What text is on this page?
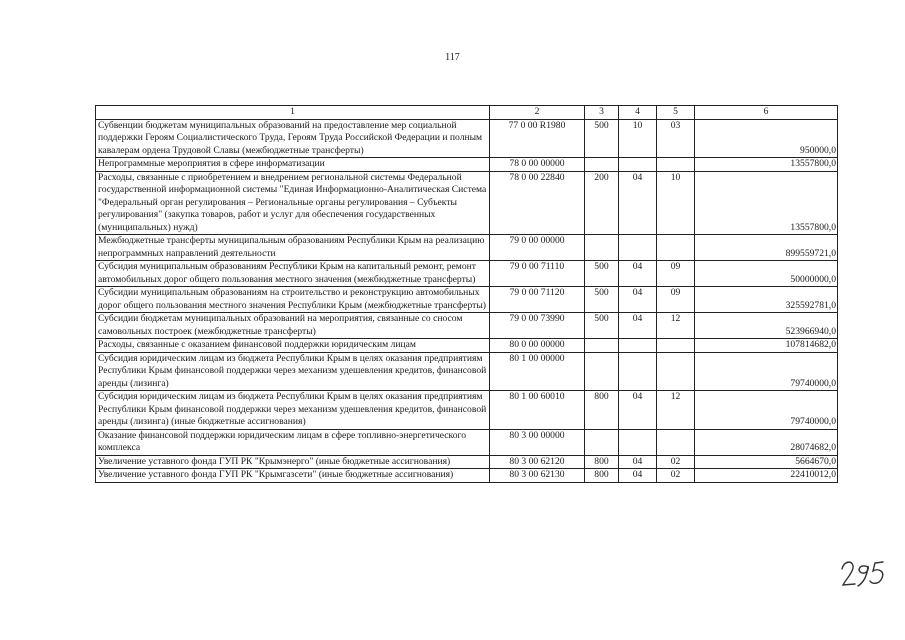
117
1	2	3	4	5	6
Субвенции бюджетам муниципальных образований на предоставление мер социальной поддержки Героям Социалистического Труда, Героям Труда Российской Федерации и полным кавалерам ордена Трудовой Славы (межбюджетные трансферты)	77 0 00 R1980	500	10	03	950000,0
Непрограммные мероприятия в сфере информатизации	78 0 00 00000				13557800,0
Расходы, связанные с приобретением и внедрением региональной системы Федеральной государственной информационной системы "Единая Информационно-Аналитическая Система "Федеральный орган регулирования – Региональные органы регулирования – Субъекты регулирования" (закупка товаров, работ и услуг для обеспечения государственных (муниципальных) нужд)	78 0 00 22840	200	04	10	13557800,0
Межбюджетные трансферты муниципальным образованиям Республики Крым на реализацию непрограммных направлений деятельности	79 0 00 00000				899559721,0
Субсидия муниципальным образованиям Республики Крым на капитальный ремонт, ремонт автомобильных дорог общего пользования местного значения (межбюджетные трансферты)	79 0 00 71110	500	04	09	50000000,0
Субсидии муниципальным образованиям на строительство и реконструкцию автомобильных дорог общего пользования местного значения Республики Крым (межбюджетные трансферты)	79 0 00 71120	500	04	09	325592781,0
Субсидии бюджетам муниципальных образований на мероприятия, связанные со сносом самовольных построек (межбюджетные трансферты)	79 0 00 73990	500	04	12	523966940,0
Расходы, связанные с оказанием финансовой поддержки юридическим лицам	80 0 00 00000				107814682,0
Субсидия юридическим лицам из бюджета Республики Крым в целях оказания предприятиям Республики Крым финансовой поддержки через механизм удешевления кредитов, финансовой аренды (лизинга)	80 1 00 00000				79740000,0
Субсидия юридическим лицам из бюджета Республики Крым в целях оказания предприятиям Республики Крым финансовой поддержки через механизм удешевления кредитов, финансовой аренды (лизинга) (иные бюджетные ассигнования)	80 1 00 60010	800	04	12	79740000,0
Оказание финансовой поддержки юридическим лицам в сфере топливно-энергетического комплекса	80 3 00 00000				28074682,0
Увеличение уставного фонда ГУП РК "Крымэнерго" (иные бюджетные ассигнования)	80 3 00 62120	800	04	02	5664670,0
Увеличение уставного фонда ГУП РК "Крымгазсети" (иные бюджетные ассигнования)	80 3 00 62130	800	04	02	22410012,0
